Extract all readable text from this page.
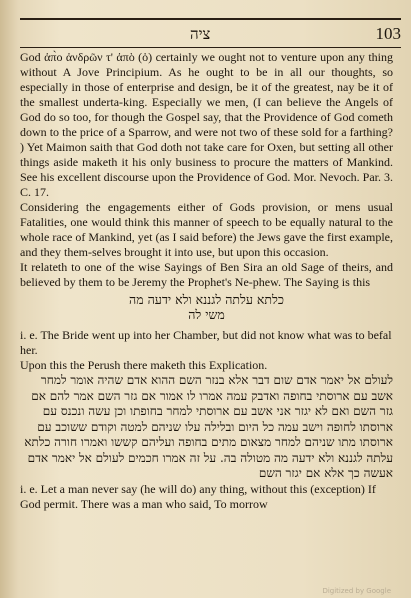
ציה	103

God ἀπ̀ο ἀνδρῶν τ' ἀπὸ (ὁ) certainly we ought not to venture upon any thing without A Jove Principium. As he ought to be in all our thoughts, so especially in those of enterprise and design, be it of the greatest, nay be it of the smallest underta-king. Especially we men, (I can believe the Angels of God do so too, for though the Gospel say, that the Providence of God cometh down to the price of a Sparrow, and were not two of these sold for a farthing? ) Yet Maimon saith that God doth not take care for Oxen, but setting all other things aside maketh it his only business to procure the matters of Mankind. See his excellent discourse upon the Providence of God. Mor. Nevoch. Par. 3. C. 17.

Considering the engagements either of Gods provision, or mens usual Fatalities, one would think this manner of speech to be equally natural to the whole race of Mankind, yet (as I said before) the Jews gave the first example, and they them-selves brought it into use, but upon this occasion.

It relateth to one of the wise Sayings of Ben Sira an old Sage of theirs, and believed by them to be Jeremy the Prophet's Ne-phew. The Saying is this

כלתא עלתה לגננא ולא ידעה מה
משי לה

i. e. The Bride went up into her Chamber, but did not know what was to befal her.

Upon this the Perush there maketh this Explication.

לעולם אל יאמר אדם שום דבר אלא בנזר השם ההוא אדם שהיה אומר למחר אשב עם ארוסתי בחופה ואדבק עמה אמרו לו אמור אם גזר השם אמר להם אם גזר השם ואם לא יגזר אני אשב עם ארוסתי למחר בחופתו וכן עשה ונכנס עם ארוסתו לחופה וישב עמה כל היום ובלילה עלו שניהם למטה וקודם ששוכב עם ארוסתו מתו שניהם למחר מצאום מתים בחופה ועליהם קששו ואמרו חורה כלתא עלתה לגננא ולא ידעה מה מטולה בה. על זה אמרו חכמים לעולם אל יאמר אדם אעשה כך אלא אם יגזר השם

i. e. Let a man never say (he will do) any thing, without this (exception) If God permit. There was a man who said, To morrow

Digitized by Google
